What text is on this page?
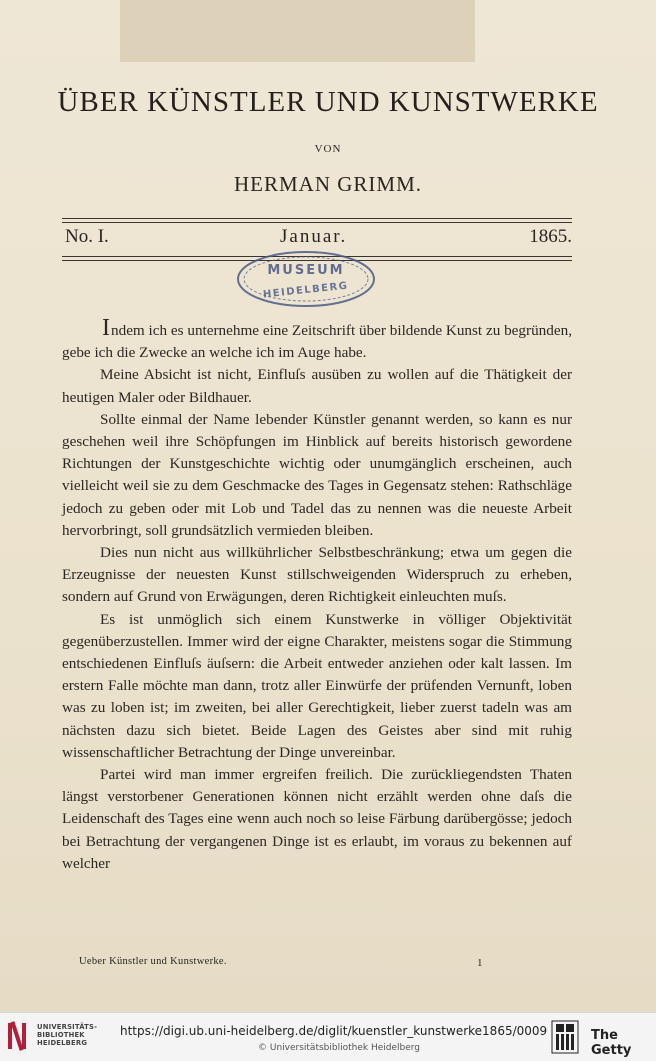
ÜBER KÜNSTLER UND KUNSTWERKE
VON
HERMAN GRIMM.
No. I.	Januar.	1865.
MUSEUM
HEIDELBERG

Indem ich es unternehme eine Zeitschrift über bildende Kunst zu begründen, gebe ich die Zwecke an welche ich im Auge habe.

Meine Absicht ist nicht, Einfluſs ausüben zu wollen auf die Thätigkeit der heutigen Maler oder Bildhauer.

Sollte einmal der Name lebender Künstler genannt werden, so kann es nur geschehen weil ihre Schöpfungen im Hinblick auf bereits historisch gewordene Richtungen der Kunstgeschichte wichtig oder unumgänglich erscheinen, auch vielleicht weil sie zu dem Geschmacke des Tages in Gegensatz stehen: Rathschläge jedoch zu geben oder mit Lob und Tadel das zu nennen was die neueste Arbeit hervorbringt, soll grundsätzlich vermieden bleiben.

Dies nun nicht aus willkührlicher Selbstbeschränkung; etwa um gegen die Erzeugnisse der neuesten Kunst stillschweigenden Widerspruch zu erheben, sondern auf Grund von Erwägungen, deren Richtigkeit einleuchten muſs.

Es ist unmöglich sich einem Kunstwerke in völliger Objektivität gegenüberzustellen. Immer wird der eigne Charakter, meistens sogar die Stimmung entschiedenen Einfluſs äuſsern: die Arbeit entweder anziehen oder kalt lassen. Im erstern Falle möchte man dann, trotz aller Einwürfe der prüfenden Vernunft, loben was zu loben ist; im zweiten, bei aller Gerechtigkeit, lieber zuerst tadeln was am nächsten dazu sich bietet. Beide Lagen des Geistes aber sind mit ruhig wissenschaftlicher Betrachtung der Dinge unvereinbar.

Partei wird man immer ergreifen freilich. Die zurückliegendsten Thaten längst verstorbener Generationen können nicht erzählt werden ohne daſs die Leidenschaft des Tages eine wenn auch noch so leise Färbung darübergösse; jedoch bei Betrachtung der vergangenen Dinge ist es erlaubt, im voraus zu bekennen auf welcher

Ueber Künstler und Kunstwerke.	1
UNIVERSITÄTS-
BIBLIOTHEK
HEIDELBERG
https://digi.ub.uni-heidelberg.de/diglit/kuenstler_kunstwerke1865/0009
© Universitätsbibliothek Heidelberg
The Getty
